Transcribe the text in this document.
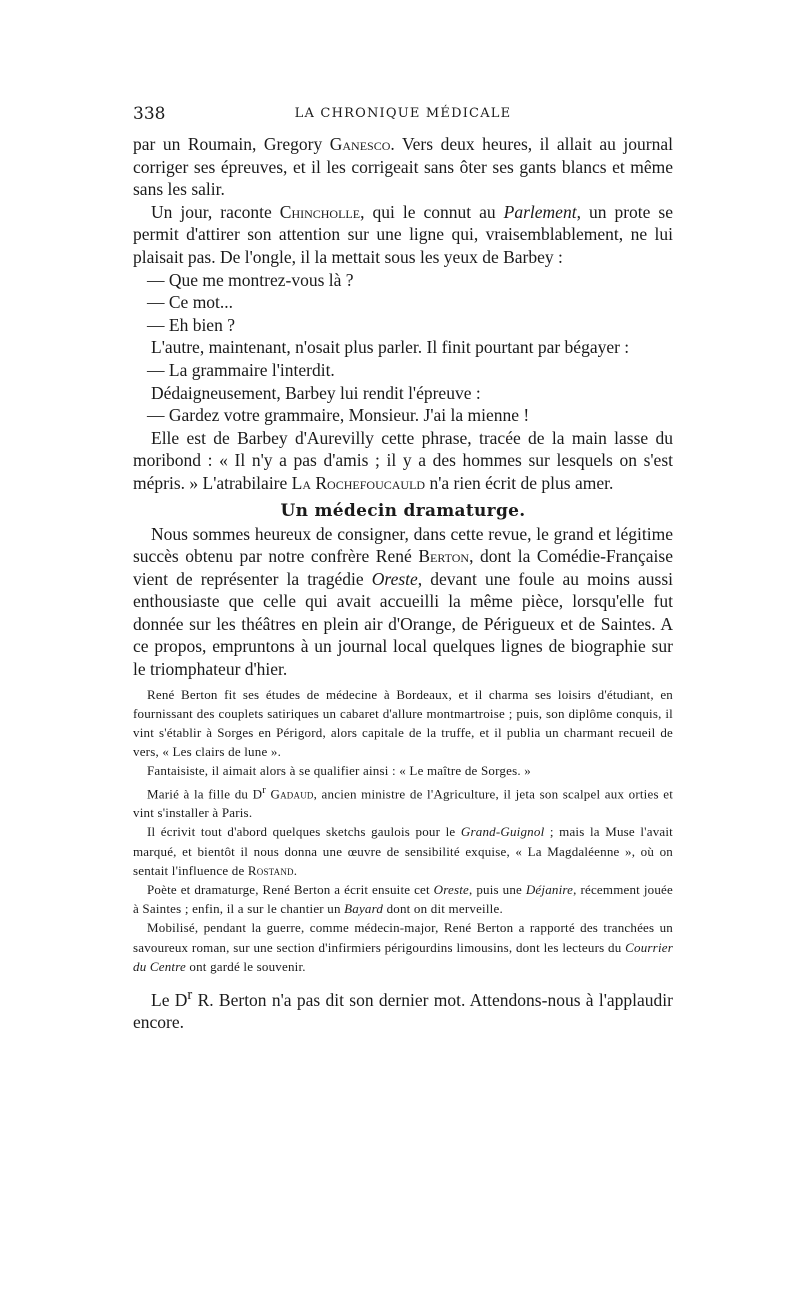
338	LA CHRONIQUE MÉDICALE

par un Roumain, Gregory Ganesco. Vers deux heures, il allait au journal corriger ses épreuves, et il les corrigeait sans ôter ses gants blancs et même sans les salir.

Un jour, raconte Chincholle, qui le connut au Parlement, un prote se permit d'attirer son attention sur une ligne qui, vraisemblablement, ne lui plaisait pas. De l'ongle, il la mettait sous les yeux de Barbey :

— Que me montrez-vous là ?

— Ce mot...

— Eh bien ?

L'autre, maintenant, n'osait plus parler. Il finit pourtant par bégayer :

— La grammaire l'interdit.

Dédaigneusement, Barbey lui rendit l'épreuve :

— Gardez votre grammaire, Monsieur. J'ai la mienne !

Elle est de Barbey d'Aurevilly cette phrase, tracée de la main lasse du moribond : « Il n'y a pas d'amis ; il y a des hommes sur lesquels on s'est mépris. » L'atrabilaire La Rochefoucauld n'a rien écrit de plus amer.

Un médecin dramaturge.

Nous sommes heureux de consigner, dans cette revue, le grand et légitime succès obtenu par notre confrère René Berton, dont la Comédie-Française vient de représenter la tragédie Oreste, devant une foule au moins aussi enthousiaste que celle qui avait accueilli la même pièce, lorsqu'elle fut donnée sur les théâtres en plein air d'Orange, de Périgueux et de Saintes. A ce propos, empruntons à un journal local quelques lignes de biographie sur le triomphateur d'hier.

René Berton fit ses études de médecine à Bordeaux, et il charma ses loisirs d'étudiant, en fournissant des couplets satiriques un cabaret d'allure montmartroise ; puis, son diplôme conquis, il vint s'établir à Sorges en Périgord, alors capitale de la truffe, et il publia un charmant recueil de vers, « Les clairs de lune ».

Fantaisiste, il aimait alors à se qualifier ainsi : « Le maître de Sorges. »

Marié à la fille du $D^r$ Gadaud, ancien ministre de l'Agriculture, il jeta son scalpel aux orties et vint s'installer à Paris.

Il écrivit tout d'abord quelques sketchs gaulois pour le Grand-Guignol ; mais la Muse l'avait marqué, et bientôt il nous donna une œuvre de sensibilité exquise, « La Magdaléenne », où on sentait l'influence de Rostand.

Poète et dramaturge, René Berton a écrit ensuite cet Oreste, puis une Déjanire, récemment jouée à Saintes ; enfin, il a sur le chantier un Bayard dont on dit merveille.

Mobilisé, pendant la guerre, comme médecin-major, René Berton a rapporté des tranchées un savoureux roman, sur une section d'infirmiers périgourdins limousins, dont les lecteurs du Courrier du Centre ont gardé le souvenir.

Le $D^r$ R. Berton n'a pas dit son dernier mot. Attendons-nous à l'applaudir encore.
